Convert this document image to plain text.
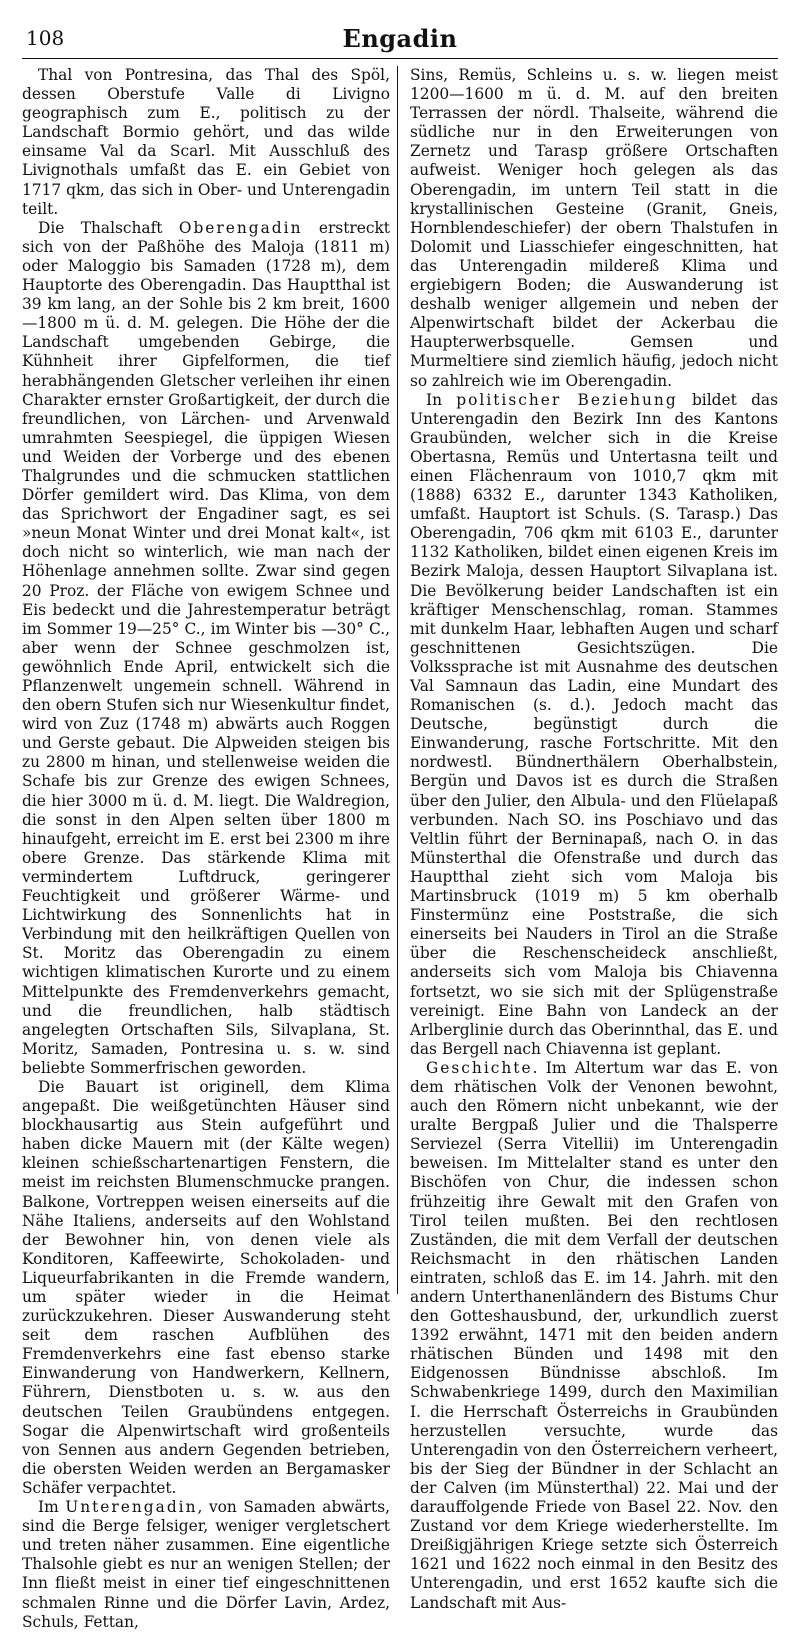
108	Engadin

Thal von Pontresina, das Thal des Spöl, dessen Oberstufe Valle di Livigno geographisch zum E., politisch zu der Landschaft Bormio gehört, und das wilde einsame Val da Scarl. Mit Ausschluß des Livignothals umfaßt das E. ein Gebiet von 1717 qkm, das sich in Ober- und Unterengadin teilt.

Die Thalschaft Oberengadin erstreckt sich von der Paßhöhe des Maloja (1811 m) oder Maloggio bis Samaden (1728 m), dem Hauptorte des Oberengadin. Das Hauptthal ist 39 km lang, an der Sohle bis 2 km breit, 1600—1800 m ü. d. M. gelegen. Die Höhe der die Landschaft umgebenden Gebirge, die Kühnheit ihrer Gipfelformen, die tief herabhängenden Gletscher verleihen ihr einen Charakter ernster Großartigkeit, der durch die freundlichen, von Lärchen- und Arvenwald umrahmten Seespiegel, die üppigen Wiesen und Weiden der Vorberge und des ebenen Thalgrundes und die schmucken stattlichen Dörfer gemildert wird. Das Klima, von dem das Sprichwort der Engadiner sagt, es sei »neun Monat Winter und drei Monat kalt«, ist doch nicht so winterlich, wie man nach der Höhenlage annehmen sollte. Zwar sind gegen 20 Proz. der Fläche von ewigem Schnee und Eis bedeckt und die Jahrestemperatur beträgt im Sommer 19—25° C., im Winter bis —30° C., aber wenn der Schnee geschmolzen ist, gewöhnlich Ende April, entwickelt sich die Pflanzenwelt ungemein schnell. Während in den obern Stufen sich nur Wiesenkultur findet, wird von Zuz (1748 m) abwärts auch Roggen und Gerste gebaut. Die Alpweiden steigen bis zu 2800 m hinan, und stellenweise weiden die Schafe bis zur Grenze des ewigen Schnees, die hier 3000 m ü. d. M. liegt. Die Waldregion, die sonst in den Alpen selten über 1800 m hinaufgeht, erreicht im E. erst bei 2300 m ihre obere Grenze. Das stärkende Klima mit vermindertem Luftdruck, geringerer Feuchtigkeit und größerer Wärme- und Lichtwirkung des Sonnenlichts hat in Verbindung mit den heilkräftigen Quellen von St. Moritz das Oberengadin zu einem wichtigen klimatischen Kurorte und zu einem Mittelpunkte des Fremdenverkehrs gemacht, und die freundlichen, halb städtisch angelegten Ortschaften Sils, Silvaplana, St. Moritz, Samaden, Pontresina u. s. w. sind beliebte Sommerfrischen geworden.

Die Bauart ist originell, dem Klima angepaßt. Die weißgetünchten Häuser sind blockhausartig aus Stein aufgeführt und haben dicke Mauern mit (der Kälte wegen) kleinen schießschartenartigen Fenstern, die meist im reichsten Blumenschmucke prangen. Balkone, Vortreppen weisen einerseits auf die Nähe Italiens, anderseits auf den Wohlstand der Bewohner hin, von denen viele als Konditoren, Kaffeewirte, Schokoladen- und Liqueurfabrikanten in die Fremde wandern, um später wieder in die Heimat zurückzukehren. Dieser Auswanderung steht seit dem raschen Aufblühen des Fremdenverkehrs eine fast ebenso starke Einwanderung von Handwerkern, Kellnern, Führern, Dienstboten u. s. w. aus den deutschen Teilen Graubündens entgegen. Sogar die Alpenwirtschaft wird großenteils von Sennen aus andern Gegenden betrieben, die obersten Weiden werden an Bergamasker Schäfer verpachtet.

Im Unterengadin, von Samaden abwärts, sind die Berge felsiger, weniger vergletschert und treten näher zusammen. Eine eigentliche Thalsohle giebt es nur an wenigen Stellen; der Inn fließt meist in einer tief eingeschnittenen schmalen Rinne und die Dörfer Lavin, Ardez, Schuls, Fettan,

Sins, Remüs, Schleins u. s. w. liegen meist 1200—1600 m ü. d. M. auf den breiten Terrassen der nördl. Thalseite, während die südliche nur in den Erweiterungen von Zernetz und Tarasp größere Ortschaften aufweist. Weniger hoch gelegen als das Oberengadin, im untern Teil statt in die krystallinischen Gesteine (Granit, Gneis, Hornblendeschiefer) der obern Thalstufen in Dolomit und Liasschiefer eingeschnitten, hat das Unterengadin mildereß Klima und ergiebigern Boden; die Auswanderung ist deshalb weniger allgemein und neben der Alpenwirtschaft bildet der Ackerbau die Haupterwerbsquelle. Gemsen und Murmeltiere sind ziemlich häufig, jedoch nicht so zahlreich wie im Oberengadin.

In politischer Beziehung bildet das Unterengadin den Bezirk Inn des Kantons Graubünden, welcher sich in die Kreise Obertasna, Remüs und Untertasna teilt und einen Flächenraum von 1010,7 qkm mit (1888) 6332 E., darunter 1343 Katholiken, umfaßt. Hauptort ist Schuls. (S. Tarasp.) Das Oberengadin, 706 qkm mit 6103 E., darunter 1132 Katholiken, bildet einen eigenen Kreis im Bezirk Maloja, dessen Hauptort Silvaplana ist. Die Bevölkerung beider Landschaften ist ein kräftiger Menschenschlag, roman. Stammes mit dunkelm Haar, lebhaften Augen und scharf geschnittenen Gesichtszügen. Die Volkssprache ist mit Ausnahme des deutschen Val Samnaun das Ladin, eine Mundart des Romanischen (s. d.). Jedoch macht das Deutsche, begünstigt durch die Einwanderung, rasche Fortschritte. Mit den nordwestl. Bündnerthälern Oberhalbstein, Bergün und Davos ist es durch die Straßen über den Julier, den Albula- und den Flüelapaß verbunden. Nach SO. ins Poschiavo und das Veltlin führt der Berninapaß, nach O. in das Münsterthal die Ofenstraße und durch das Hauptthal zieht sich vom Maloja bis Martinsbruck (1019 m) 5 km oberhalb Finstermünz eine Poststraße, die sich einerseits bei Nauders in Tirol an die Straße über die Reschenscheideck anschließt, anderseits sich vom Maloja bis Chiavenna fortsetzt, wo sie sich mit der Splügenstraße vereinigt. Eine Bahn von Landeck an der Arlberglinie durch das Oberinnthal, das E. und das Bergell nach Chiavenna ist geplant.

Geschichte. Im Altertum war das E. von dem rhätischen Volk der Venonen bewohnt, auch den Römern nicht unbekannt, wie der uralte Bergpaß Julier und die Thalsperre Serviezel (Serra Vitellii) im Unterengadin beweisen. Im Mittelalter stand es unter den Bischöfen von Chur, die indessen schon frühzeitig ihre Gewalt mit den Grafen von Tirol teilen mußten. Bei den rechtlosen Zuständen, die mit dem Verfall der deutschen Reichsmacht in den rhätischen Landen eintraten, schloß das E. im 14. Jahrh. mit den andern Unterthanenländern des Bistums Chur den Gotteshausbund, der, urkundlich zuerst 1392 erwähnt, 1471 mit den beiden andern rhätischen Bünden und 1498 mit den Eidgenossen Bündnisse abschloß. Im Schwabenkriege 1499, durch den Maximilian I. die Herrschaft Österreichs in Graubünden herzustellen versuchte, wurde das Unterengadin von den Österreichern verheert, bis der Sieg der Bündner in der Schlacht an der Calven (im Münsterthal) 22. Mai und der darauffolgende Friede von Basel 22. Nov. den Zustand vor dem Kriege wiederherstellte. Im Dreißigjährigen Kriege setzte sich Österreich 1621 und 1622 noch einmal in den Besitz des Unterengadin, und erst 1652 kaufte sich die Landschaft mit Aus-
